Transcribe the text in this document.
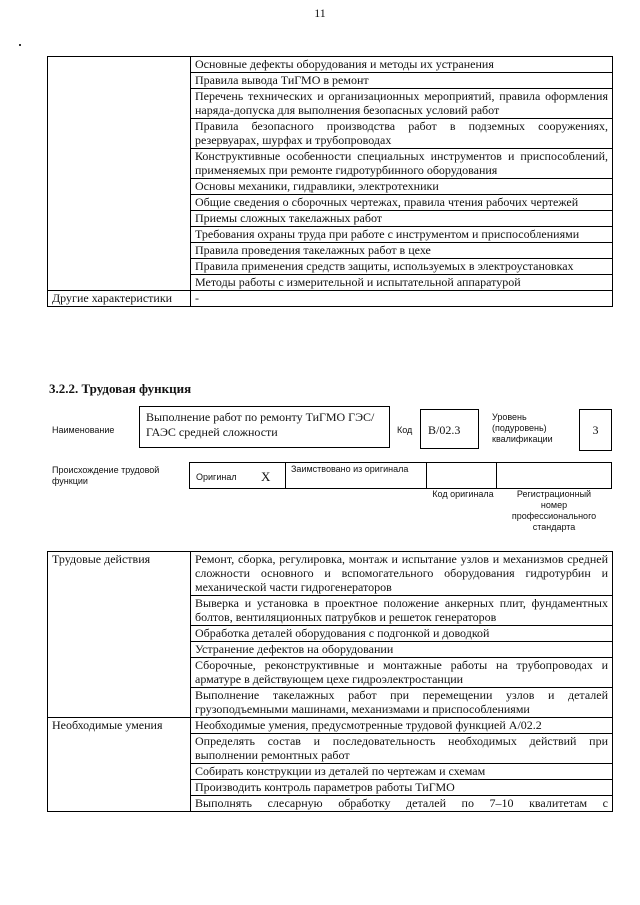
11
	Основные дефекты оборудования и методы их устранения
	Правила вывода ТиГМО в ремонт
	Перечень технических и организационных мероприятий, правила оформления наряда-допуска для выполнения безопасных условий работ
	Правила безопасного производства работ в подземных сооружениях, резервуарах, шурфах и трубопроводах
	Конструктивные особенности специальных инструментов и приспособлений, применяемых при ремонте гидротурбинного оборудования
	Основы механики, гидравлики, электротехники
	Общие сведения о сборочных чертежах, правила чтения рабочих чертежей
	Приемы сложных такелажных работ
	Требования охраны труда при работе с инструментом и приспособлениями
	Правила проведения такелажных работ в цехе
	Правила применения средств защиты, используемых в электроустановках
	Методы работы с измерительной и испытательной аппаратурой
Другие характеристики	-
3.2.2. Трудовая функция
Наименование
Выполнение работ по ремонту ТиГМО ГЭС/ГАЭС средней сложности	Код В/02.3
Уровень (подуровень) квалификации
3
Происхождение трудовой функции	Оригинал X Заимствовано из оригинала
Код оригинала	Регистрационный номер профессионального стандарта
Трудовые действия	Ремонт, сборка, регулировка, монтаж и испытание узлов и механизмов средней сложности основного и вспомогательного оборудования гидротурбин и механической части гидрогенераторов
	Выверка и установка в проектное положение анкерных плит, фундаментных болтов, вентиляционных патрубков и решеток генераторов
	Обработка деталей оборудования с подгонкой и доводкой
	Устранение дефектов на оборудовании
	Сборочные, реконструктивные и монтажные работы на трубопроводах и арматуре в действующем цехе гидроэлектростанции
	Выполнение такелажных работ при перемещении узлов и деталей грузоподъемными машинами, механизмами и приспособлениями
Необходимые умения	Необходимые умения, предусмотренные трудовой функцией А/02.2
	Определять состав и последовательность необходимых действий при выполнении ремонтных работ
	Собирать конструкции из деталей по чертежам и схемам
	Производить контроль параметров работы ТиГМО
	Выполнять слесарную обработку деталей по 7–10 квалитетам с
